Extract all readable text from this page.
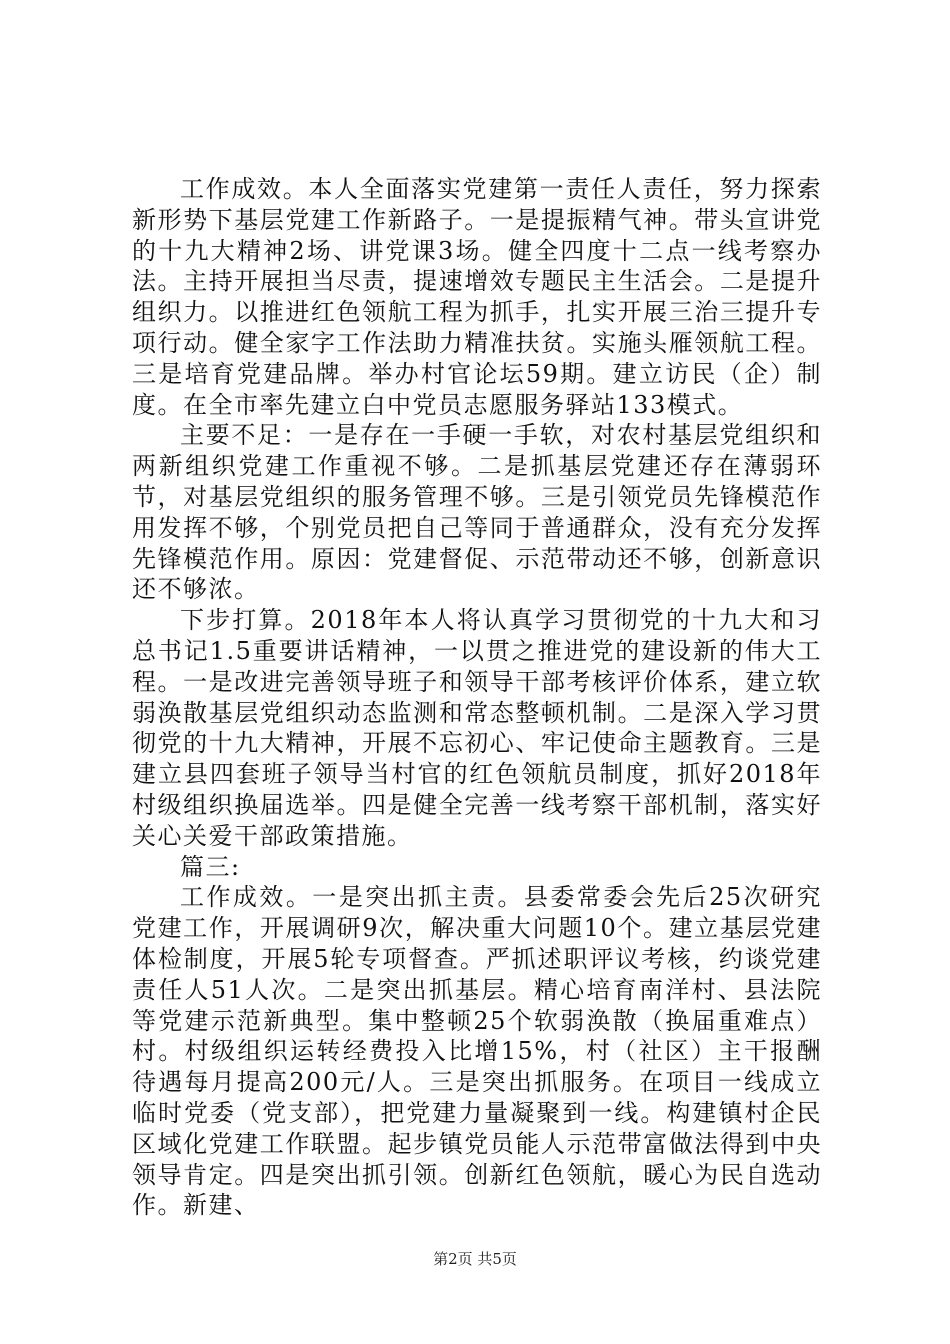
工作成效。本人全面落实党建第一责任人责任，努力探索新形势下基层党建工作新路子。一是提振精气神。带头宣讲党的十九大精神2场、讲党课3场。健全四度十二点一线考察办法。主持开展担当尽责，提速增效专题民主生活会。二是提升组织力。以推进红色领航工程为抓手，扎实开展三治三提升专项行动。健全家字工作法助力精准扶贫。实施头雁领航工程。三是培育党建品牌。举办村官论坛59期。建立访民（企）制度。在全市率先建立白中党员志愿服务驿站133模式。

主要不足：一是存在一手硬一手软，对农村基层党组织和两新组织党建工作重视不够。二是抓基层党建还存在薄弱环节，对基层党组织的服务管理不够。三是引领党员先锋模范作用发挥不够，个别党员把自己等同于普通群众，没有充分发挥先锋模范作用。原因：党建督促、示范带动还不够，创新意识还不够浓。

下步打算。2018年本人将认真学习贯彻党的十九大和习总书记1.5重要讲话精神，一以贯之推进党的建设新的伟大工程。一是改进完善领导班子和领导干部考核评价体系，建立软弱涣散基层党组织动态监测和常态整顿机制。二是深入学习贯彻党的十九大精神，开展不忘初心、牢记使命主题教育。三是建立县四套班子领导当村官的红色领航员制度，抓好2018年村级组织换届选举。四是健全完善一线考察干部机制，落实好关心关爱干部政策措施。

篇三:

工作成效。一是突出抓主责。县委常委会先后25次研究党建工作，开展调研9次，解决重大问题10个。建立基层党建体检制度，开展5轮专项督查。严抓述职评议考核，约谈党建责任人51人次。二是突出抓基层。精心培育南洋村、县法院等党建示范新典型。集中整顿25个软弱涣散（换届重难点）村。村级组织运转经费投入比增15%，村（社区）主干报酬待遇每月提高200元/人。三是突出抓服务。在项目一线成立临时党委（党支部），把党建力量凝聚到一线。构建镇村企民区域化党建工作联盟。起步镇党员能人示范带富做法得到中央领导肯定。四是突出抓引领。创新红色领航，暖心为民自选动作。新建、

第2页 共5页
